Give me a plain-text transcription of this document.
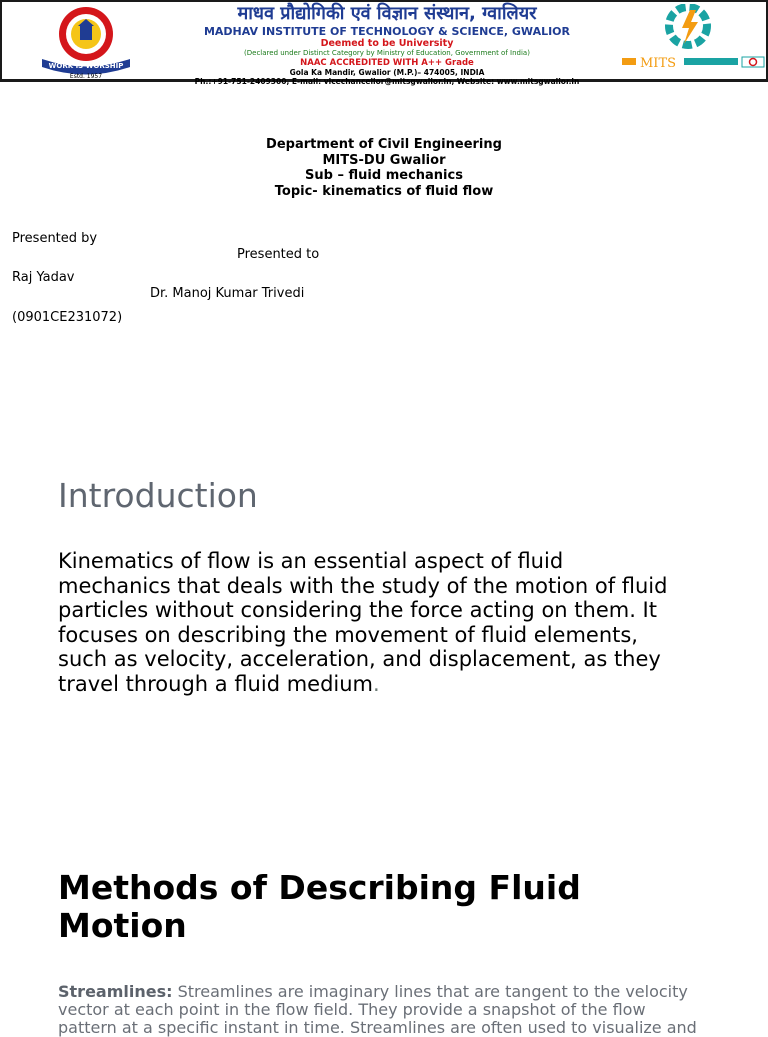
WORK IS WORSHIP
Estd. 1957
माधव प्रौद्योगिकी एवं विज्ञान संस्थान, ग्वालियर
MADHAV INSTITUTE OF TECHNOLOGY & SCIENCE, GWALIOR
Deemed to be University
(Declared under Distinct Category by Ministry of Education, Government of India)
NAAC ACCREDITED WITH A++ Grade
Gola Ka Mandir, Gwalior (M.P.)– 474005, INDIA
Ph.:+91-751-2409300, E-mail: vicechancellor@mitsgwalior.in, Website: www.mitsgwalior.in
MITS
Department of Civil Engineering
MITS-DU Gwalior
Sub – fluid mechanics
Topic- kinematics of fluid flow
Presented by
Presented to
Raj Yadav
Dr. Manoj Kumar Trivedi
(0901CE231072)
Introduction
Kinematics of flow is an essential aspect of fluid
mechanics that deals with the study of the motion of fluid
particles without considering the force acting on them. It
focuses on describing the movement of fluid elements,
such as velocity, acceleration, and displacement, as they
travel through a fluid medium.
Methods of Describing Fluid
Motion
Streamlines: Streamlines are imaginary lines that are tangent to the velocity
vector at each point in the flow field. They provide a snapshot of the flow
pattern at a specific instant in time. Streamlines are often used to visualize and
